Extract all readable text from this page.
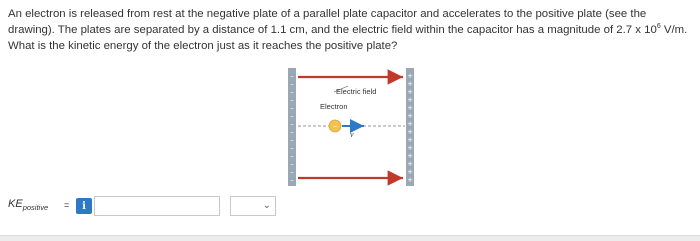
An electron is released from rest at the negative plate of a parallel plate capacitor and accelerates to the positive plate (see the

drawing). The plates are separated by a distance of 1.1 cm, and the electric field within the capacitor has a magnitude of 2.7 x $10^6$ V/m.

What is the kinetic energy of the electron just as it reaches the positive plate?

–
–
–
–
–
–
–
–
–
–
–
–
–
–
+
+
+
+
+
+
+
+
+
+
+
+
+
+
Electric field
Electron
–
v
$KE_{positive}$ =	i	⌄
